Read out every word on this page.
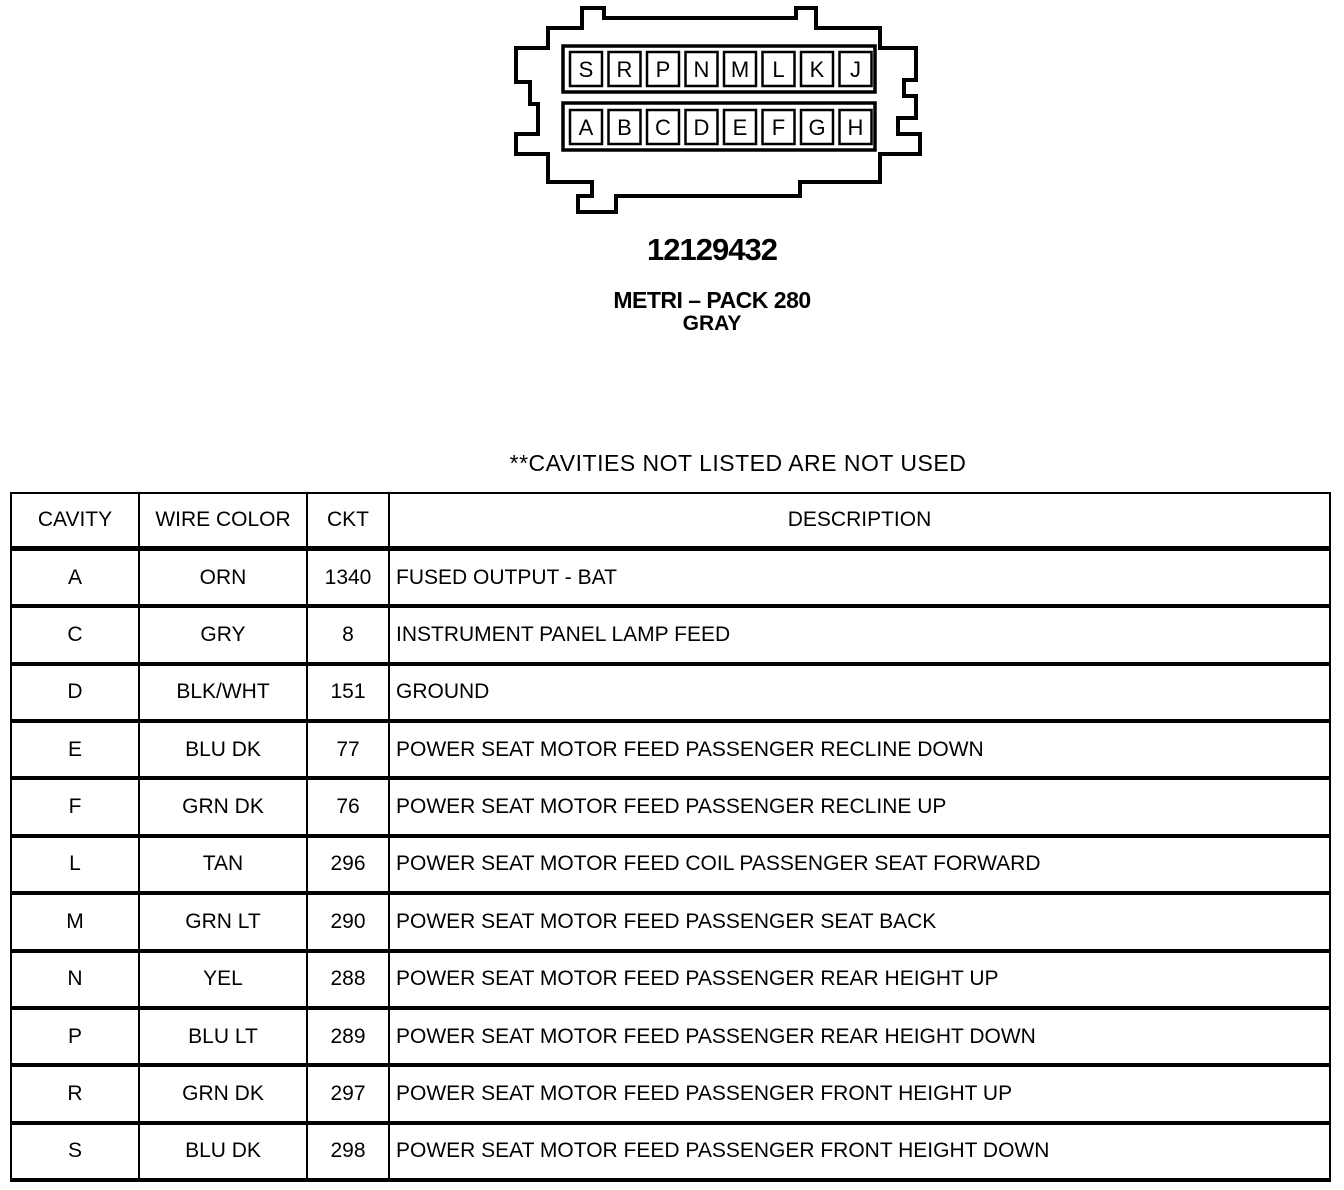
S R P N M L K J
A B C D E F G H
12129432
METRI – PACK 280
GRAY
**CAVITIES NOT LISTED ARE NOT USED
CAVITY	WIRE COLOR	CKT	DESCRIPTION
A	ORN	1340	FUSED OUTPUT - BAT
C	GRY	8	INSTRUMENT PANEL LAMP FEED
D	BLK/WHT	151	GROUND
E	BLU DK	77	POWER SEAT MOTOR FEED PASSENGER RECLINE DOWN
F	GRN DK	76	POWER SEAT MOTOR FEED PASSENGER RECLINE UP
L	TAN	296	POWER SEAT MOTOR FEED COIL PASSENGER SEAT FORWARD
M	GRN LT	290	POWER SEAT MOTOR FEED PASSENGER SEAT BACK
N	YEL	288	POWER SEAT MOTOR FEED PASSENGER REAR HEIGHT UP
P	BLU LT	289	POWER SEAT MOTOR FEED PASSENGER REAR HEIGHT DOWN
R	GRN DK	297	POWER SEAT MOTOR FEED PASSENGER FRONT HEIGHT UP
S	BLU DK	298	POWER SEAT MOTOR FEED PASSENGER FRONT HEIGHT DOWN
